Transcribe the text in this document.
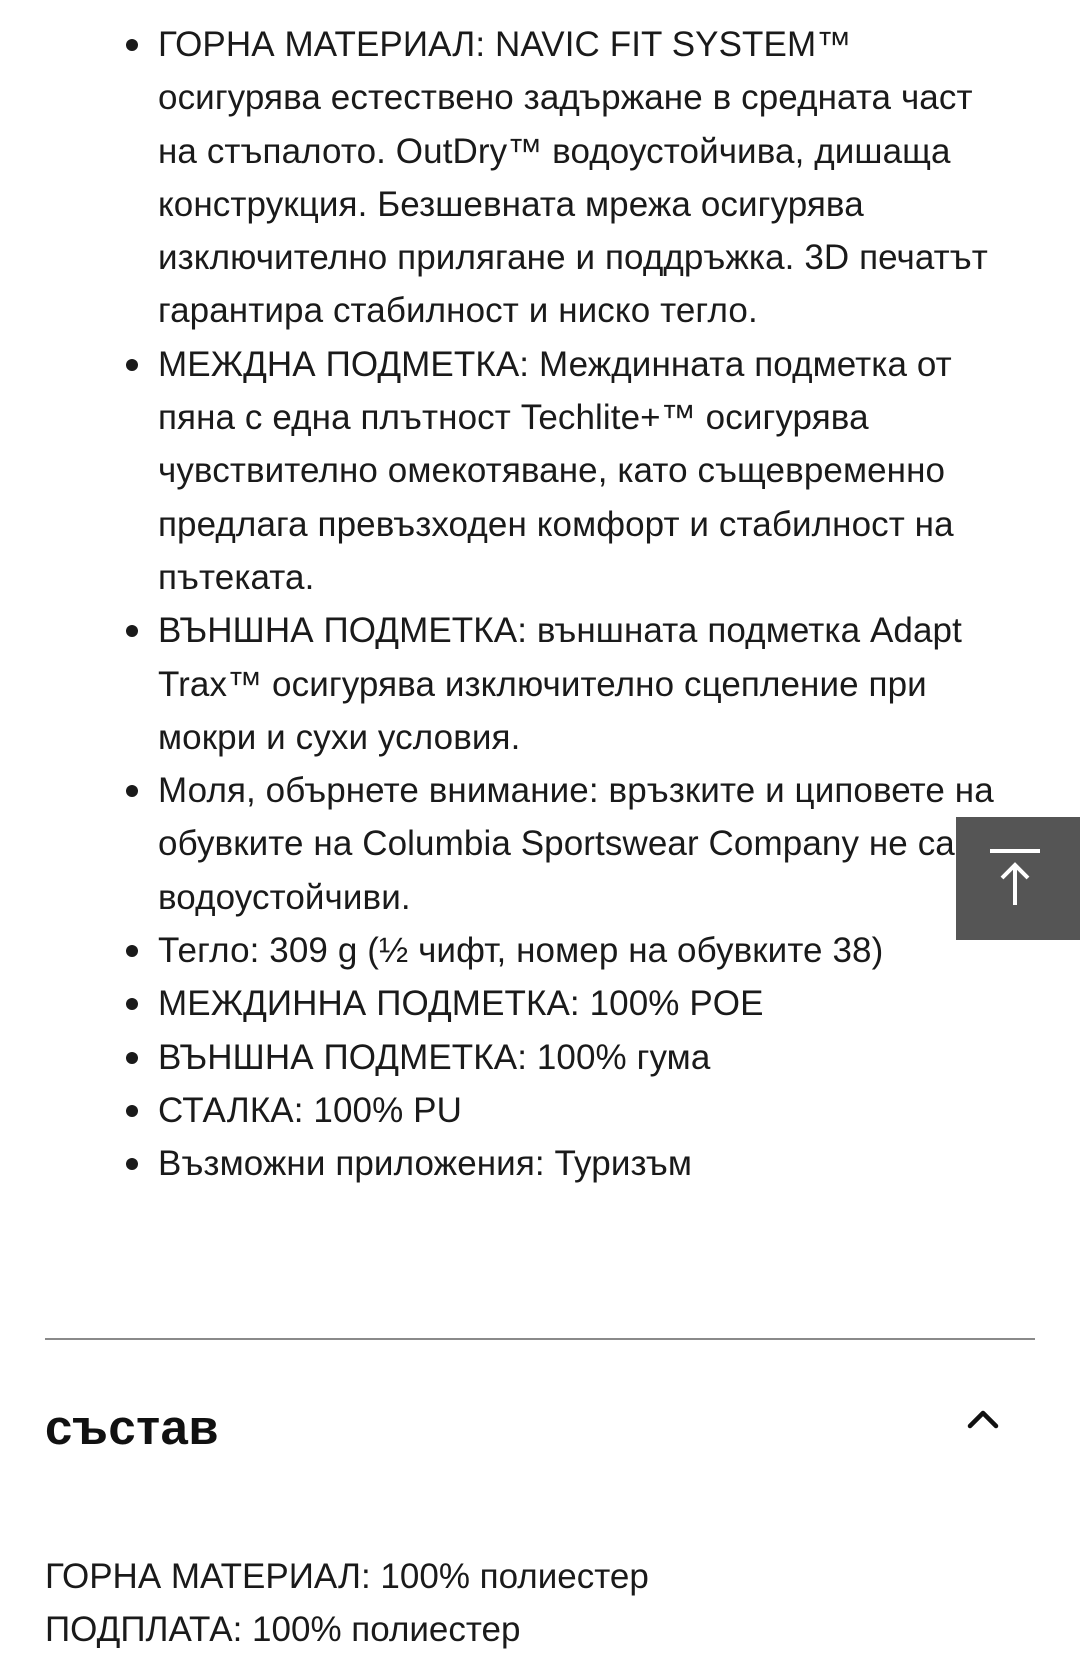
ГОРНА МАТЕРИАЛ: NAVIC FIT SYSTEM™ осигурява естествено задържане в средната част на стъпалото. OutDry™ водоустойчива, дишаща конструкция. Безшевната мрежа осигурява изключително прилягане и поддръжка. 3D печатът гарантира стабилност и ниско тегло.
МЕЖДНА ПОДМЕТКА: Междинната подметка от пяна с една плътност Techlite+™ осигурява чувствително омекотяване, като същевременно предлага превъзходен комфорт и стабилност на пътеката.
ВЪНШНА ПОДМЕТКА: външната подметка Adapt Trax™ осигурява изключително сцепление при мокри и сухи условия.
Моля, обърнете внимание: връзките и циповете на обувките на Columbia Sportswear Company не са водоустойчиви.
Тегло: 309 g (½ чифт, номер на обувките 38)
МЕЖДИННА ПОДМЕТКА: 100% POE
ВЪНШНА ПОДМЕТКА: 100% гума
СТАЛКА: 100% PU
Възможни приложения: Туризъм
състав
ГОРНА МАТЕРИАЛ: 100% полиестер
ПОДПЛАТА: 100% полиестер
